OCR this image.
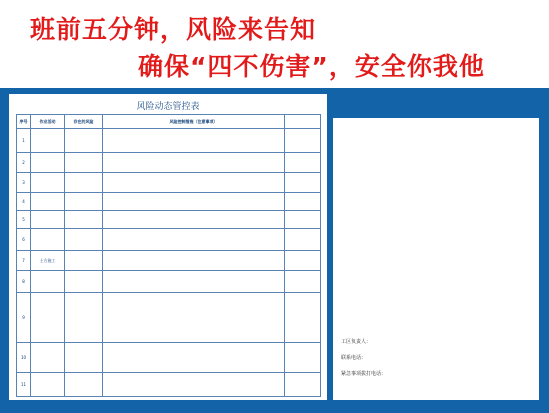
班前五分钟，风险来告知
确保“四不伤害”，安全你我他
风险动态管控表
序号	作业活动	存在的风险	风险控制措施（注意事项）	
1				
2				
3				
4				
5				
6				
7	土方施工			
8				
9				
10				
11				
工区负责人：
联系电话：
紧急事项拔打电话：
